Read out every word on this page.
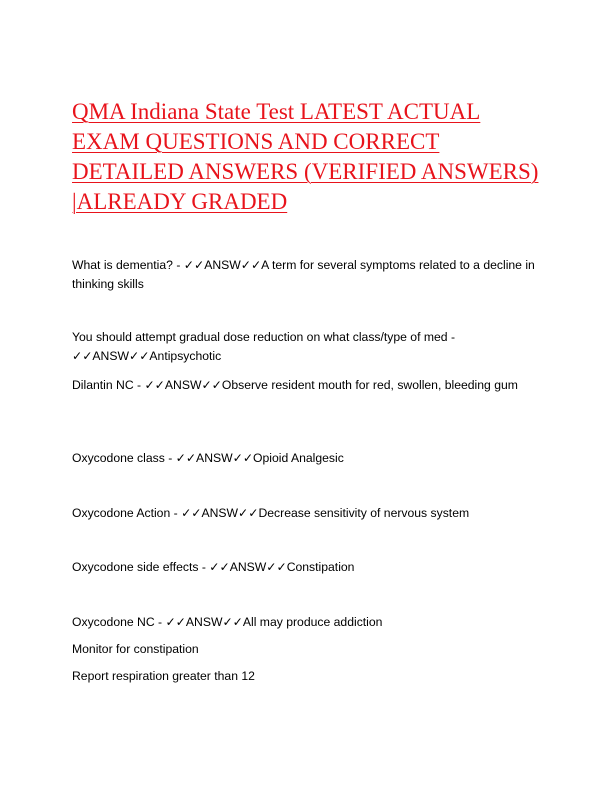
QMA Indiana State Test LATEST ACTUAL EXAM QUESTIONS AND CORRECT DETAILED ANSWERS (VERIFIED ANSWERS) |ALREADY GRADED

What is dementia? - ✓✓ANSW✓✓A term for several symptoms related to a decline in thinking skills

You should attempt gradual dose reduction on what class/type of med - ✓✓ANSW✓✓Antipsychotic

Dilantin NC - ✓✓ANSW✓✓Observe resident mouth for red, swollen, bleeding gum

Oxycodone class - ✓✓ANSW✓✓Opioid Analgesic

Oxycodone Action - ✓✓ANSW✓✓Decrease sensitivity of nervous system

Oxycodone side effects - ✓✓ANSW✓✓Constipation

Oxycodone NC - ✓✓ANSW✓✓All may produce addiction

Monitor for constipation

Report respiration greater than 12
